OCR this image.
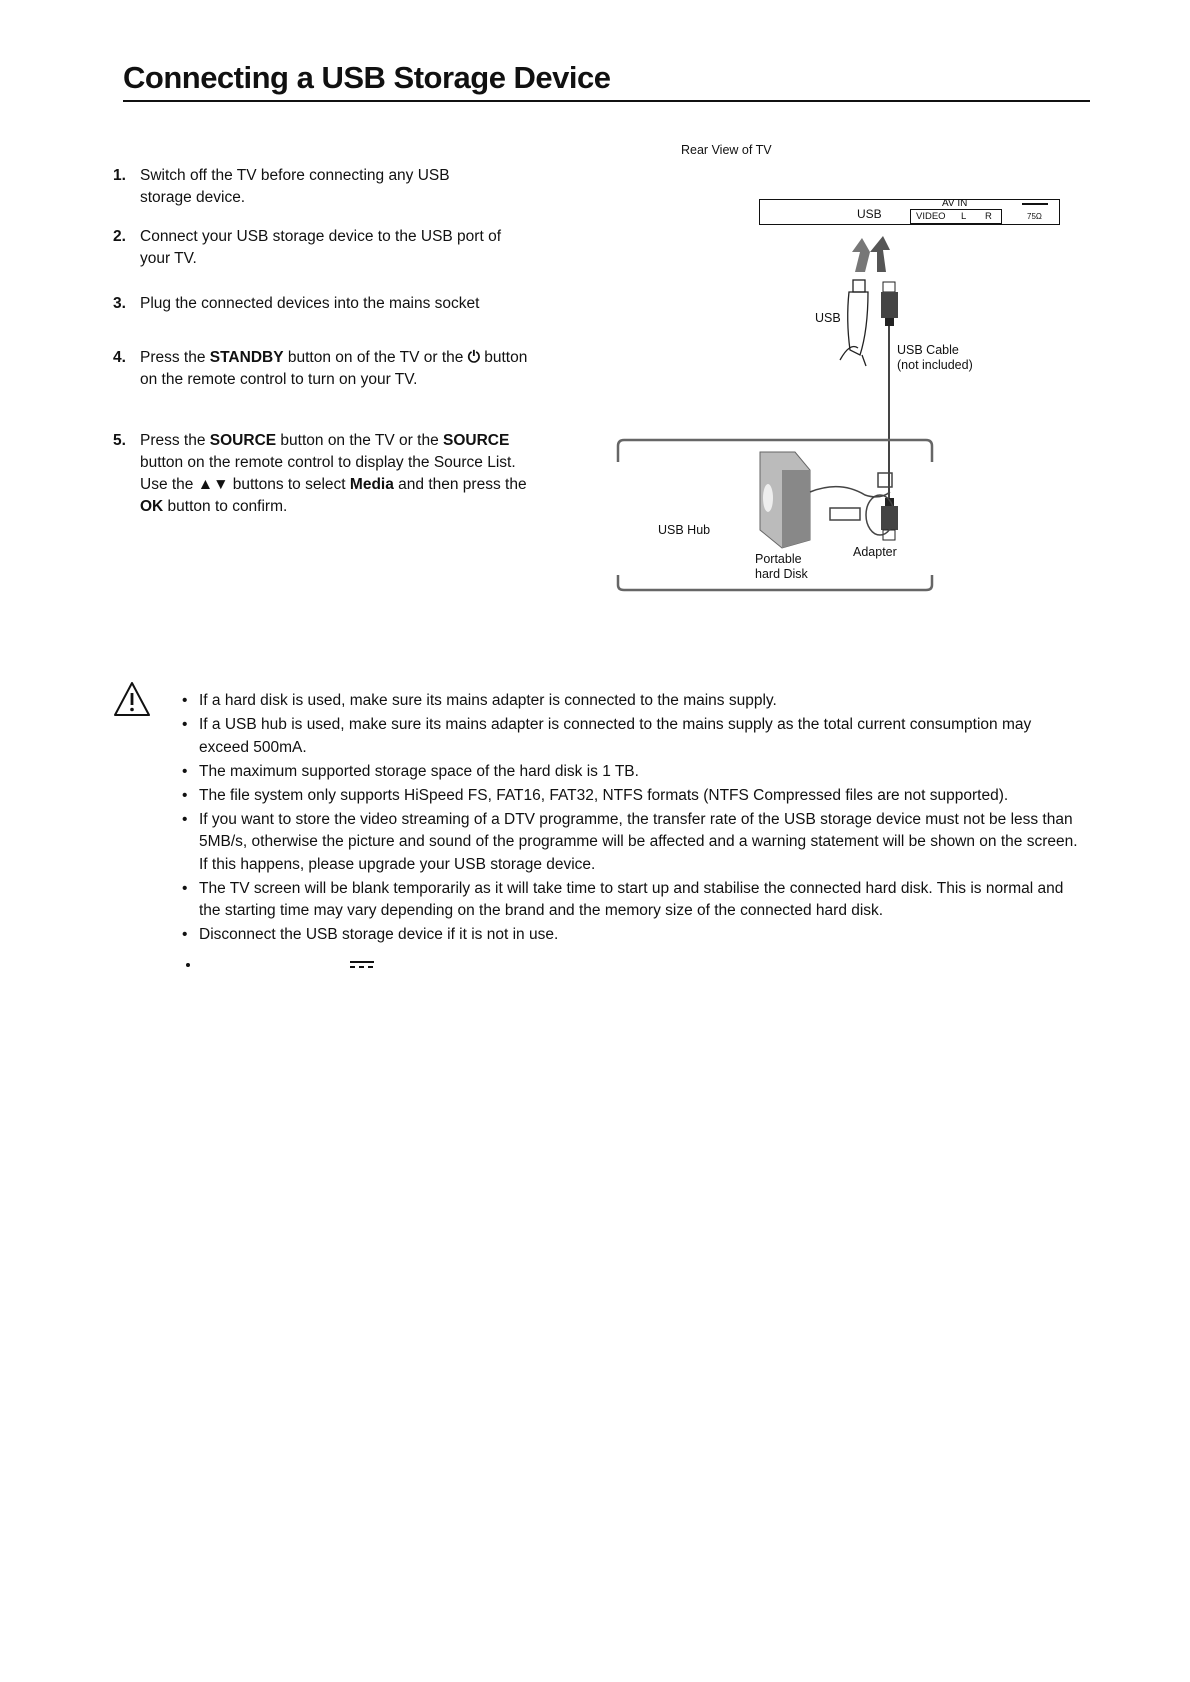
Connecting a USB Storage Device
1. Switch off the TV before connecting any USB storage device.
2. Connect your USB storage device to the USB port of your TV.
3. Plug the connected devices into the mains socket
4. Press the STANDBY button on of the TV or the ⏻ button on the remote control to turn on your TV.
5. Press the SOURCE button on the TV or the SOURCE button on the remote control to display the Source List. Use the ▲▼ buttons to select Media and then press the OK button to confirm.
Rear View of TV
USB
AV IN
VIDEO L R	75Ω
USB
USB Cable
(not included)
USB Hub
Portable
hard Disk
Adapter
• If a hard disk is used, make sure its mains adapter is connected to the mains supply.
• If a USB hub is used, make sure its mains adapter is connected to the mains supply as the total current consumption may exceed 500mA.
• The maximum supported storage space of the hard disk is 1 TB.
• The file system only supports HiSpeed FS, FAT16, FAT32, NTFS formats (NTFS Compressed files are not supported).
• If you want to store the video streaming of a DTV programme, the transfer rate of the USB storage device must not be less than 5MB/s, otherwise the picture and sound of the programme will be affected and a warning statement will be shown on the screen. If this happens, please upgrade your USB storage device.
• The TV screen will be blank temporarily as it will take time to start up and stabilise the connected hard disk. This is normal and the starting time may vary depending on the brand and the memory size of the connected hard disk.
• Disconnect the USB storage device if it is not in use.
